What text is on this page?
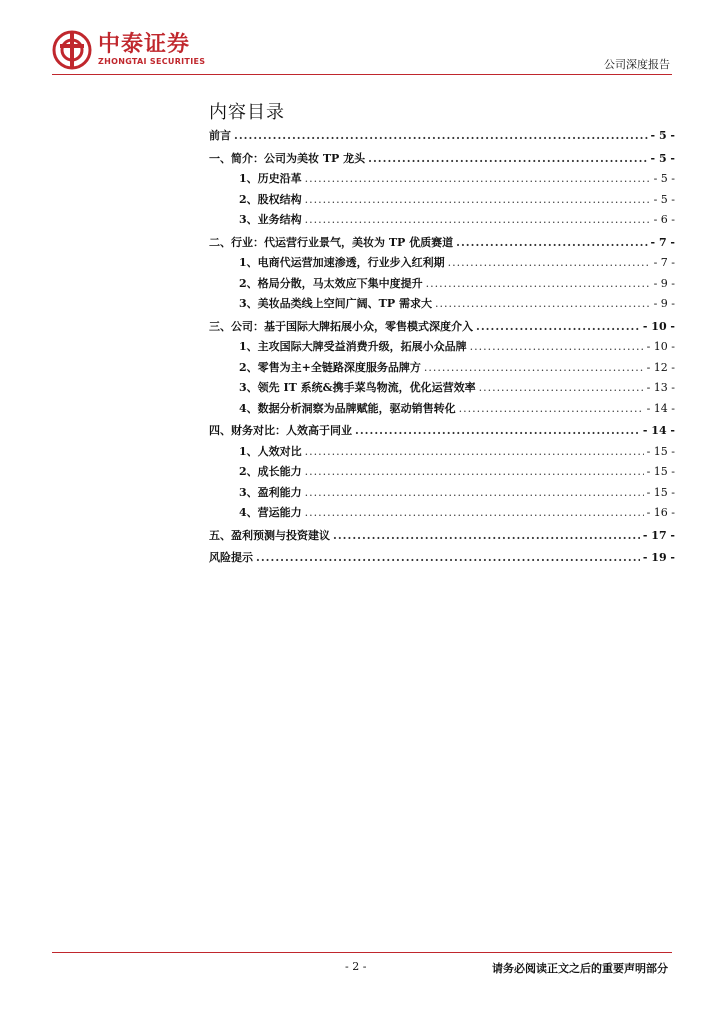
中泰证券
ZHONGTAI SECURITIES	公司深度报告
内容目录
前言 .....	- 5 -
一、简介：公司为美妆 TP 龙头 .....	- 5 -
1、历史沿革 .....	- 5 -
2、股权结构 .....	- 5 -
3、业务结构 .....	- 6 -
二、行业：代运营行业景气，美妆为 TP 优质赛道 .....	- 7 -
1、电商代运营加速渗透，行业步入红利期 .....	- 7 -
2、格局分散，马太效应下集中度提升 .....	- 9 -
3、美妆品类线上空间广阔、TP 需求大 .....	- 9 -
三、公司：基于国际大牌拓展小众，零售模式深度介入 .....	- 10 -
1、主攻国际大牌受益消费升级，拓展小众品牌 .....	- 10 -
2、零售为主+全链路深度服务品牌方 .....	- 12 -
3、领先 IT 系统&携手菜鸟物流，优化运营效率 .....	- 13 -
4、数据分析洞察为品牌赋能，驱动销售转化 .....	- 14 -
四、财务对比：人效高于同业 .....	- 14 -
1、人效对比 .....	- 15 -
2、成长能力 .....	- 15 -
3、盈利能力 .....	- 15 -
4、营运能力 .....	- 16 -
五、盈利预测与投资建议 .....	- 17 -
风险提示 .....	- 19 -
- 2 -	请务必阅读正文之后的重要声明部分
